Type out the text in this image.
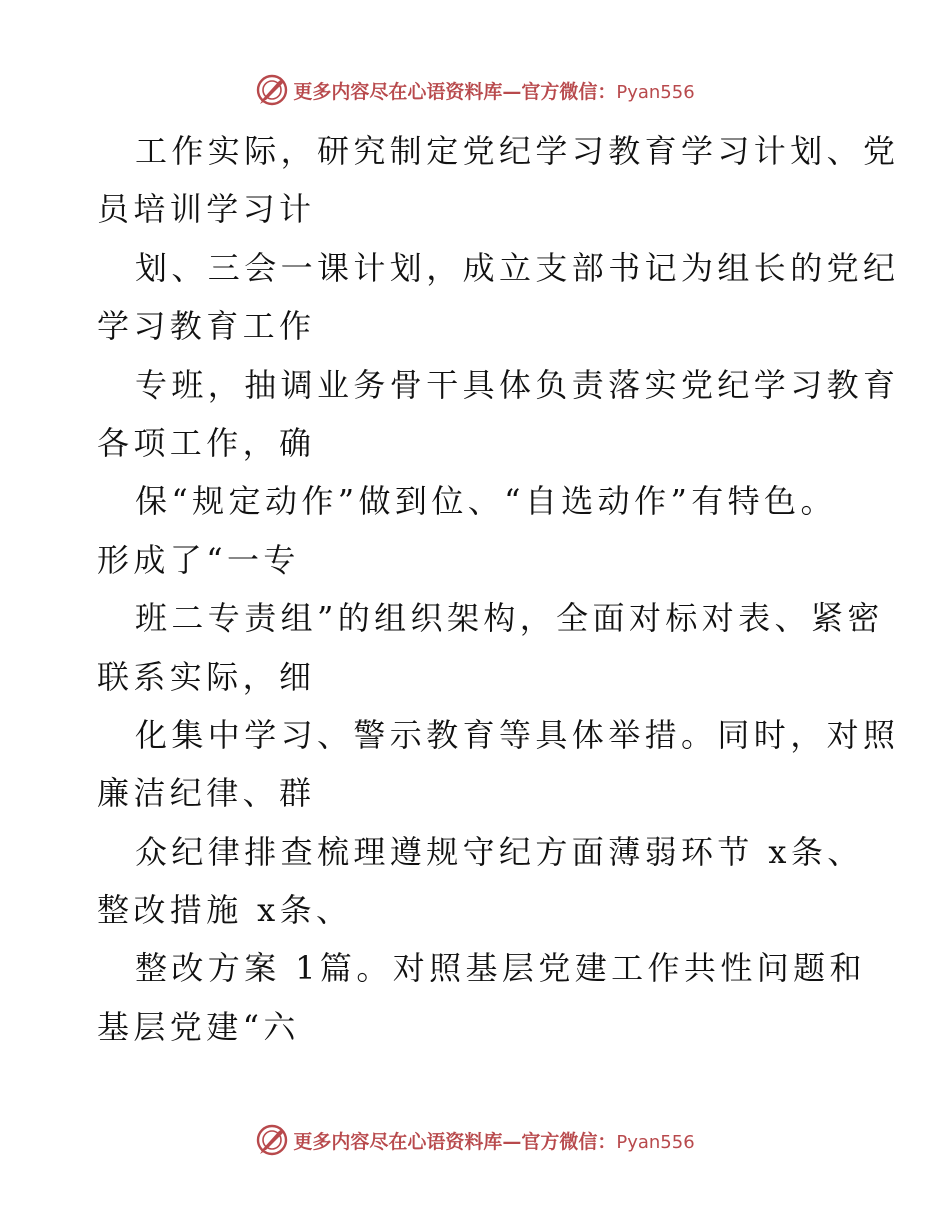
更多内容尽在心语资料库—官方微信：Pyan556
工作实际，研究制定党纪学习教育学习计划、党
员培训学习计
划、三会一课计划，成立支部书记为组长的党纪
学习教育工作
专班，抽调业务骨干具体负责落实党纪学习教育
各项工作，确
保“规定动作”做到位、“自选动作”有特色。
形成了“一专
班二专责组”的组织架构，全面对标对表、紧密
联系实际，细
化集中学习、警示教育等具体举措。同时，对照
廉洁纪律、群
众纪律排查梳理遵规守纪方面薄弱环节 x条、
整改措施 x条、
整改方案 1篇。对照基层党建工作共性问题和
基层党建“六
更多内容尽在心语资料库—官方微信：Pyan556
